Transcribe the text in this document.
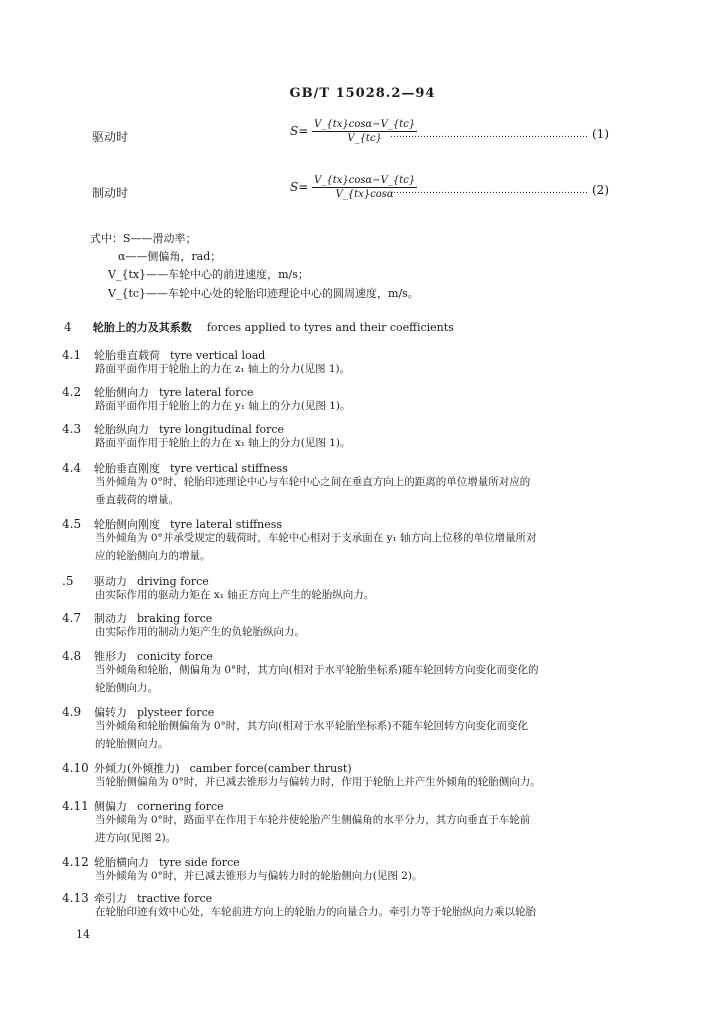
GB/T 15028.2—94
驱动时	$S= \frac{V\_\{tx\}\cos\alpha-V\_\{tc\}}{V\_\{tc\}}$
………………………………………………………… (1)
制动时	$S= \frac{V\_\{tx\}\cos\alpha-V\_\{tc\}}{V\_\{tx\}\cos\alpha}$
………………………………………………………… (2)
式中：S——滑动率；
α——侧偏角，rad；
V_{tx}——车轮中心的前进速度，m/s；
V_{tc}——车轮中心处的轮胎印迹理论中心的圆周速度，m/s。
4 轮胎上的力及其系数 forces applied to tyres and their coefficients
4.1 轮胎垂直载荷 tyre vertical load
路面平面作用于轮胎上的力在 z₁ 轴上的分力(见图 1)。
4.2 轮胎侧向力 tyre lateral force
路面平面作用于轮胎上的力在 y₁ 轴上的分力(见图 1)。
4.3 轮胎纵向力 tyre longitudinal force
路面平面作用于轮胎上的力在 x₁ 轴上的分力(见图 1)。
4.4 轮胎垂直刚度 tyre vertical stiffness
当外倾角为 0°时，轮胎印迹理论中心与车轮中心之间在垂直方向上的距离的单位增量所对应的
垂直载荷的增量。
4.5 轮胎侧向刚度 tyre lateral stiffness
当外倾角为 0°并承受规定的载荷时，车轮中心相对于支承面在 y₁ 轴方向上位移的单位增量所对
应的轮胎侧向力的增量。
.5 驱动力 driving force
由实际作用的驱动力矩在 x₁ 轴正方向上产生的轮胎纵向力。
4.7 制动力 braking force
由实际作用的制动力矩产生的负轮胎纵向力。
4.8 锥形力 conicity force
当外倾角和轮胎，侧偏角为 0°时，其方向(相对于水平轮胎坐标系)随车轮回转方向变化而变化的
轮胎侧向力。
4.9 偏转力 plysteer force
当外倾角和轮胎侧偏角为 0°时，其方向(相对于水平轮胎坐标系)不随车轮回转方向变化而变化
的轮胎侧向力。
4.10 外倾力(外倾推力) camber force(camber thrust)
当轮胎侧偏角为 0°时，并已减去锥形力与偏转力时，作用于轮胎上并产生外倾角的轮胎侧向力。
4.11 侧偏力 cornering force
当外倾角为 0°时，路面平在作用于车轮并使轮胎产生侧偏角的水平分力，其方向垂直于车轮前
进方向(见图 2)。
4.12 轮胎横向力 tyre side force
当外倾角为 0°时，并已减去锥形力与偏转力时的轮胎侧向力(见图 2)。
4.13 牵引力 tractive force
在轮胎印迹有效中心处，车轮前进方向上的轮胎力的向量合力。牵引力等于轮胎纵向力乘以轮胎
14
